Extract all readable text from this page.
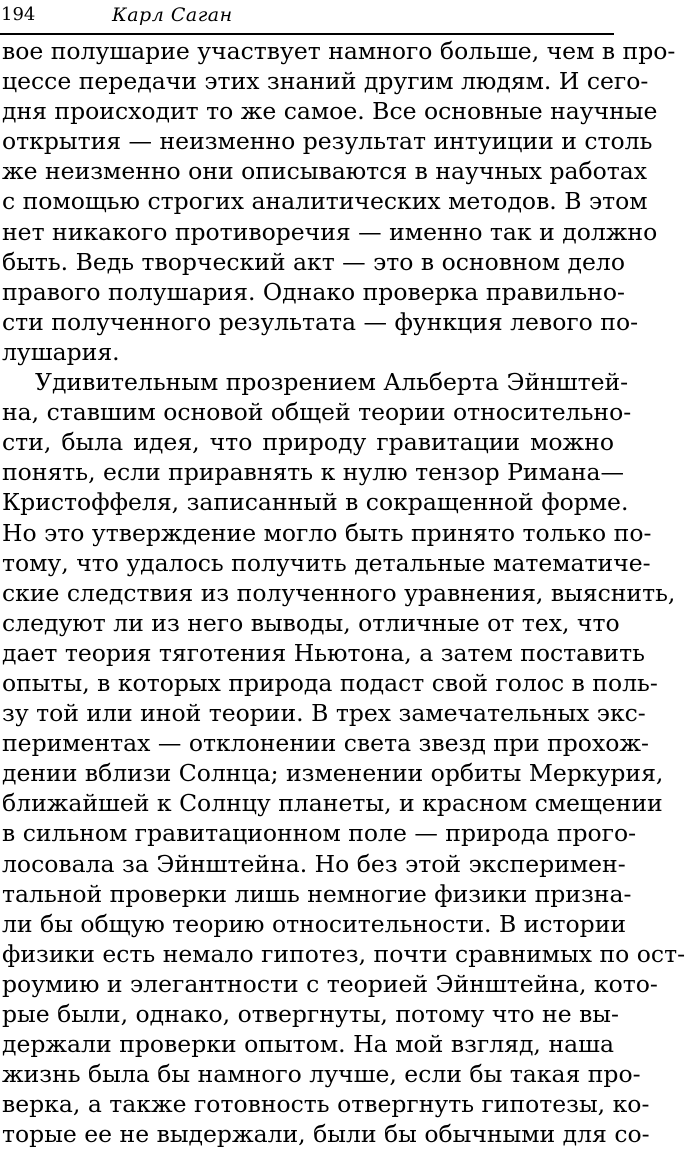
194	Карл Саган
вое полушарие участвует намного больше, чем в про-
цессе передачи этих знаний другим людям. И сего-
дня происходит то же самое. Все основные научные
открытия — неизменно результат интуиции и столь
же неизменно они описываются в научных работах
с помощью строгих аналитических методов. В этом
нет никакого противоречия — именно так и должно
быть. Ведь творческий акт — это в основном дело
правого полушария. Однако проверка правильно-
сти полученного результата — функция левого по-
лушария.
Удивительным прозрением Альберта Эйнштей-
на, ставшим основой общей теории относительно-
сти, была идея, что природу гравитации можно
понять, если приравнять к нулю тензор Римана—
Кристоффеля, записанный в сокращенной форме.
Но это утверждение могло быть принято только по-
тому, что удалось получить детальные математиче-
ские следствия из полученного уравнения, выяснить,
следуют ли из него выводы, отличные от тех, что
дает теория тяготения Ньютона, а затем поставить
опыты, в которых природа подаст свой голос в поль-
зу той или иной теории. В трех замечательных экс-
периментах — отклонении света звезд при прохож-
дении вблизи Солнца; изменении орбиты Меркурия,
ближайшей к Солнцу планеты, и красном смещении
в сильном гравитационном поле — природа прого-
лосовала за Эйнштейна. Но без этой эксперимен-
тальной проверки лишь немногие физики призна-
ли бы общую теорию относительности. В истории
физики есть немало гипотез, почти сравнимых по ост-
роумию и элегантности с теорией Эйнштейна, кото-
рые были, однако, отвергнуты, потому что не вы-
держали проверки опытом. На мой взгляд, наша
жизнь была бы намного лучше, если бы такая про-
верка, а также готовность отвергнуть гипотезы, ко-
торые ее не выдержали, были бы обычными для со-
